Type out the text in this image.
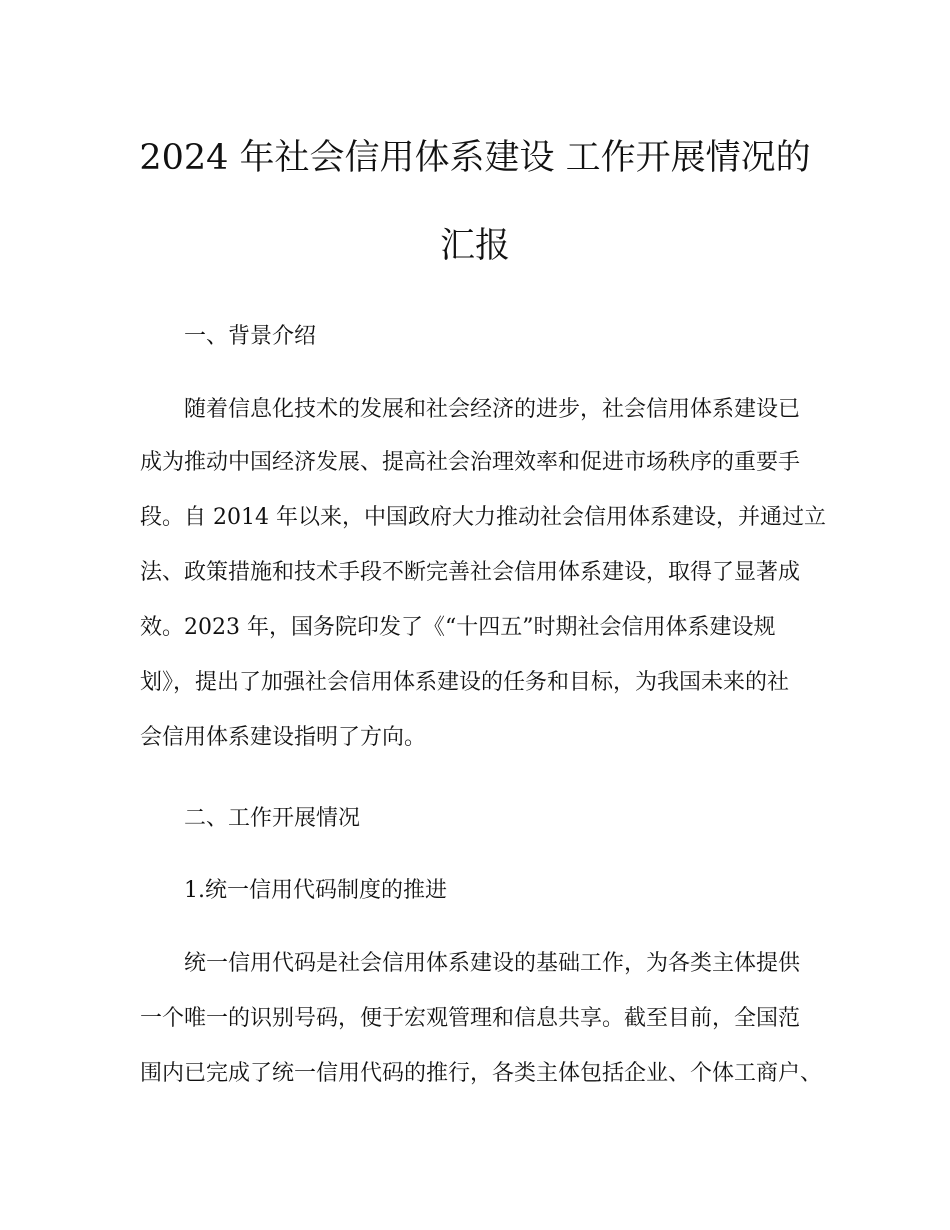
2024 年社会信用体系建设 工作开展情况的
汇报
一、背景介绍
随着信息化技术的发展和社会经济的进步，社会信用体系建设已
成为推动中国经济发展、提高社会治理效率和促进市场秩序的重要手
段。自 2014 年以来，中国政府大力推动社会信用体系建设，并通过立
法、政策措施和技术手段不断完善社会信用体系建设，取得了显著成
效。2023 年，国务院印发了《“十四五”时期社会信用体系建设规
划》，提出了加强社会信用体系建设的任务和目标，为我国未来的社
会信用体系建设指明了方向。
二、工作开展情况
1.统一信用代码制度的推进
统一信用代码是社会信用体系建设的基础工作，为各类主体提供
一个唯一的识别号码，便于宏观管理和信息共享。截至目前，全国范
围内已完成了统一信用代码的推行，各类主体包括企业、个体工商户、
